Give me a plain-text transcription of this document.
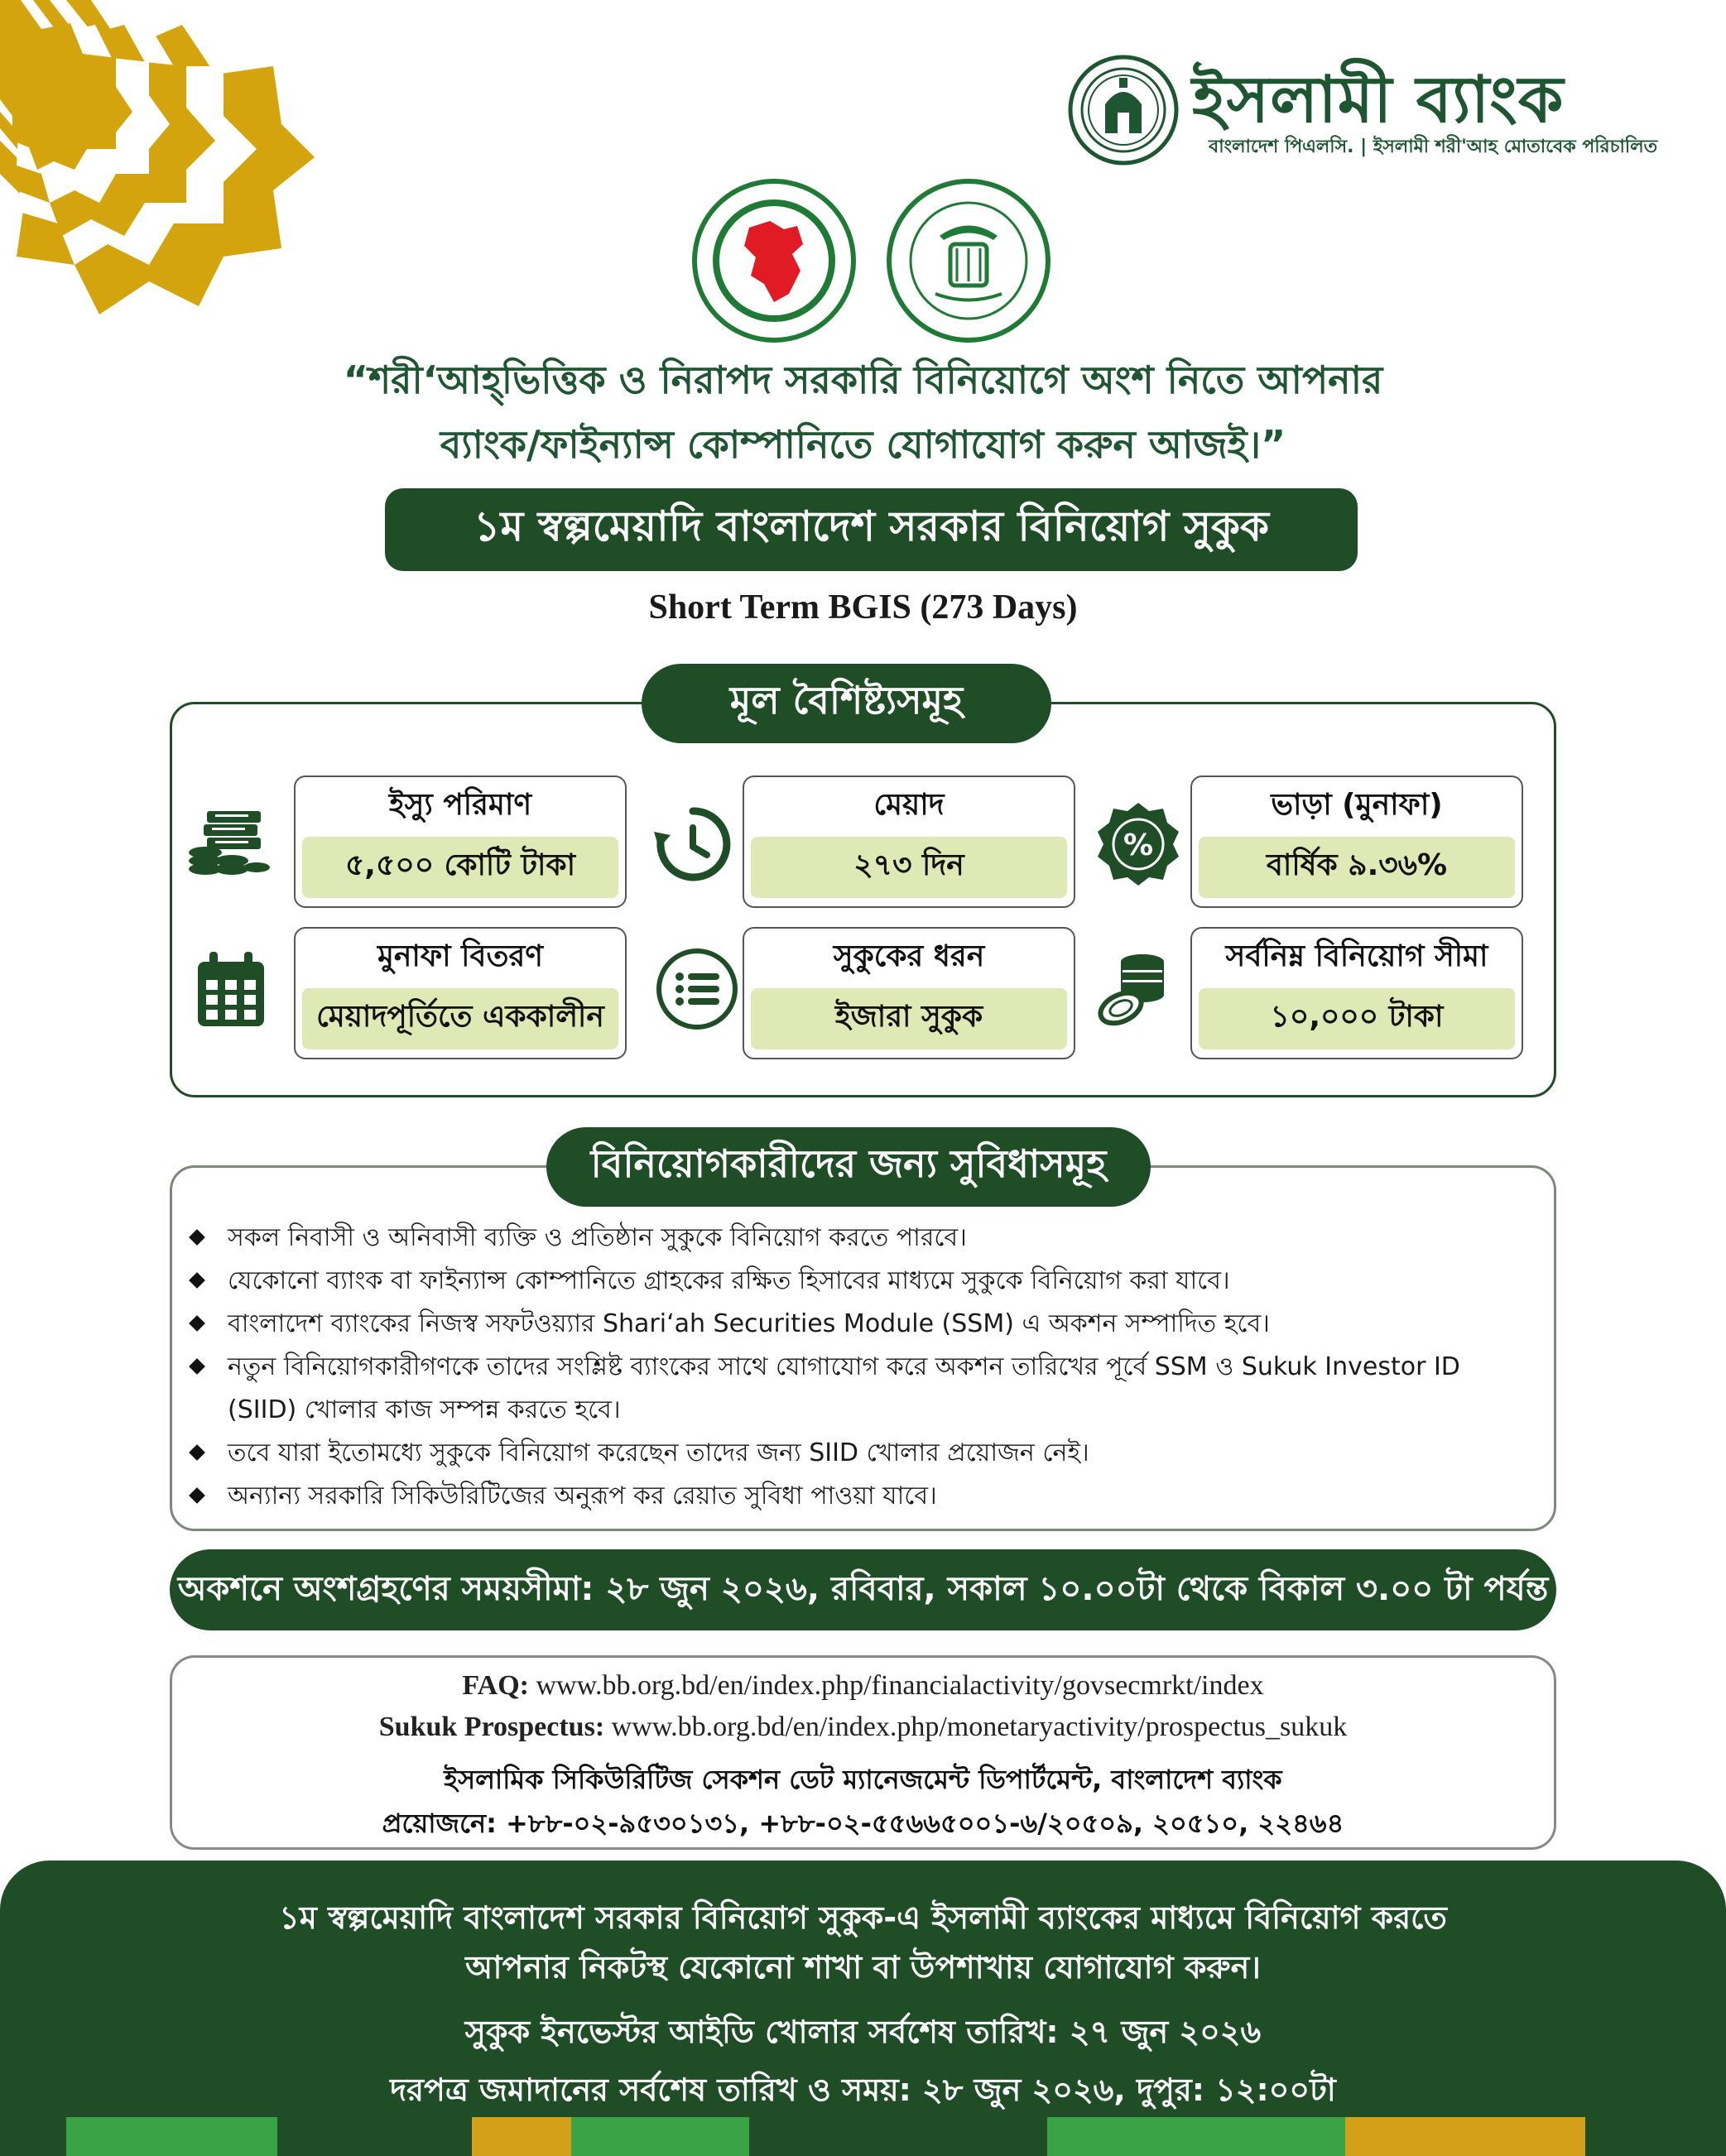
ইসলামী ব্যাংক
বাংলাদেশ পিএলসি. | ইসলামী শরী'আহ মোতাবেক পরিচালিত
“শরী‘আহ্‌ভিত্তিক ও নিরাপদ সরকারি বিনিয়োগে অংশ নিতে আপনার
ব্যাংক/ফাইন্যান্স কোম্পানিতে যোগাযোগ করুন আজই।”
১ম স্বল্পমেয়াদি বাংলাদেশ সরকার বিনিয়োগ সুকুক
Short Term BGIS (273 Days)
মূল বৈশিষ্ট্যসমূহ
ইস্যু পরিমাণ
৫,৫০০ কোটি টাকা
মেয়াদ
২৭৩ দিন
%
ভাড়া (মুনাফা)
বার্ষিক ৯.৩৬%
মুনাফা বিতরণ
মেয়াদপূর্তিতে এককালীন
সুকুকের ধরন
ইজারা সুকুক
সর্বনিম্ন বিনিয়োগ সীমা
১০,০০০ টাকা
বিনিয়োগকারীদের জন্য সুবিধাসমূহ
সকল নিবাসী ও অনিবাসী ব্যক্তি ও প্রতিষ্ঠান সুকুকে বিনিয়োগ করতে পারবে।
যেকোনো ব্যাংক বা ফাইন্যান্স কোম্পানিতে গ্রাহকের রক্ষিত হিসাবের মাধ্যমে সুকুকে বিনিয়োগ করা যাবে।
বাংলাদেশ ব্যাংকের নিজস্ব সফটওয়্যার Shari‘ah Securities Module (SSM) এ অকশন সম্পাদিত হবে।
নতুন বিনিয়োগকারীগণকে তাদের সংশ্লিষ্ট ব্যাংকের সাথে যোগাযোগ করে অকশন তারিখের পূর্বে SSM ও Sukuk Investor ID (SIID) খোলার কাজ সম্পন্ন করতে হবে।
তবে যারা ইতোমধ্যে সুকুকে বিনিয়োগ করেছেন তাদের জন্য SIID খোলার প্রয়োজন নেই।
অন্যান্য সরকারি সিকিউরিটিজের অনুরূপ কর রেয়াত সুবিধা পাওয়া যাবে।
অকশনে অংশগ্রহণের সময়সীমা: ২৮ জুন ২০২৬, রবিবার, সকাল ১০.০০টা থেকে বিকাল ৩.০০ টা পর্যন্ত
FAQ: www.bb.org.bd/en/index.php/financialactivity/govsecmrkt/index
Sukuk Prospectus: www.bb.org.bd/en/index.php/monetaryactivity/prospectus_sukuk
ইসলামিক সিকিউরিটিজ সেকশন ডেট ম্যানেজমেন্ট ডিপার্টমেন্ট, বাংলাদেশ ব্যাংক
প্রয়োজনে: +৮৮-০২-৯৫৩০১৩১, +৮৮-০২-৫৫৬৬৫০০১-৬/২০৫০৯, ২০৫১০, ২২৪৬৪
১ম স্বল্পমেয়াদি বাংলাদেশ সরকার বিনিয়োগ সুকুক-এ ইসলামী ব্যাংকের মাধ্যমে বিনিয়োগ করতে
আপনার নিকটস্থ যেকোনো শাখা বা উপশাখায় যোগাযোগ করুন।
সুকুক ইনভেস্টর আইডি খোলার সর্বশেষ তারিখ: ২৭ জুন ২০২৬
দরপত্র জমাদানের সর্বশেষ তারিখ ও সময়: ২৮ জুন ২০২৬, দুপুর: ১২:০০টা
